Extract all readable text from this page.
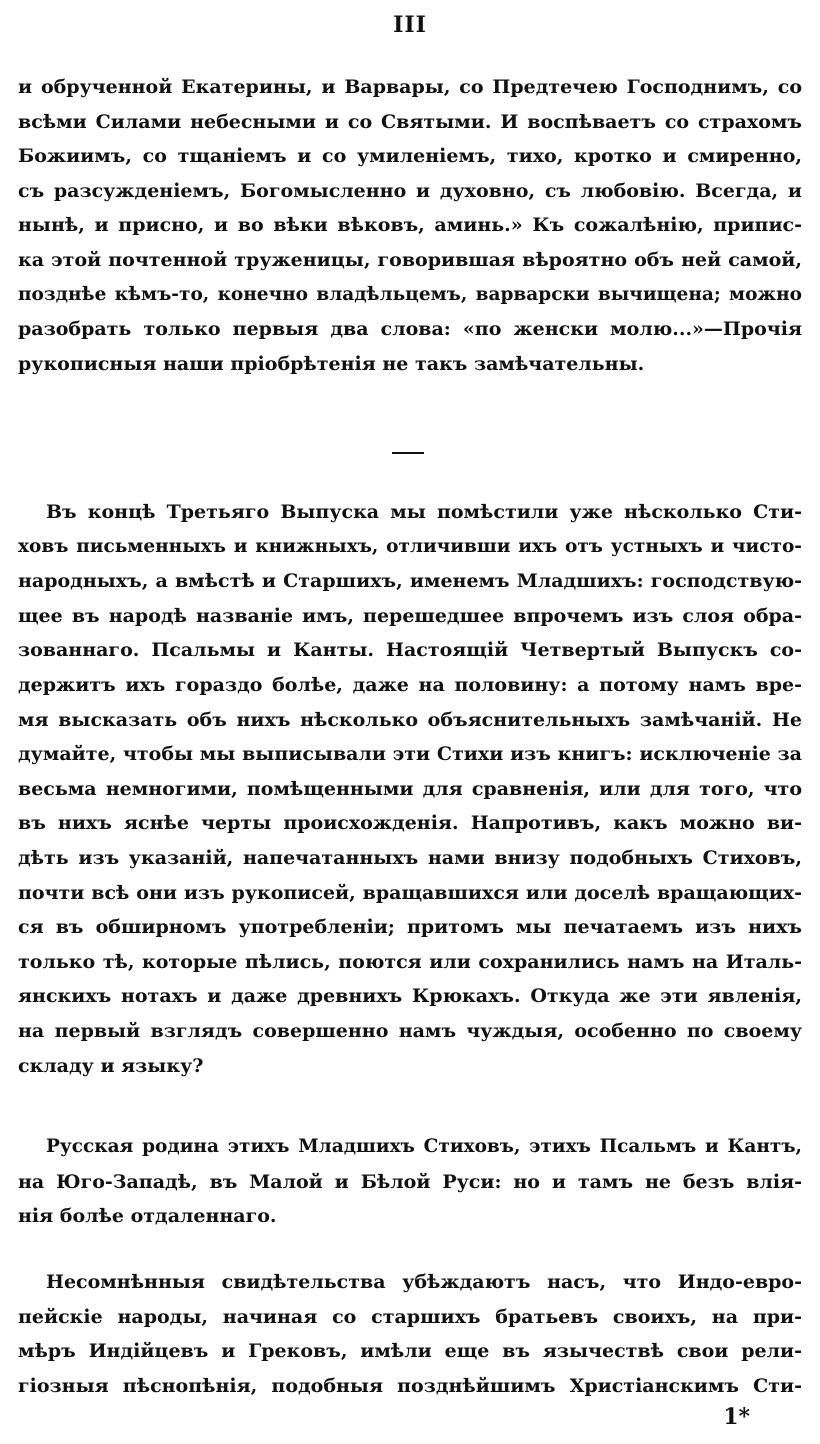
III
и обрученной Екатерины, и Варвары, со Предтечею Господнимъ, со
всѣми Силами небесными и со Святыми. И воспѣваетъ со страхомъ
Божиимъ, со тщаніемъ и со умиленіемъ, тихо, кротко и смиренно,
съ разсужденіемъ, Богомысленно и духовно, съ любовію. Всегда, и
нынѣ, и присно, и во вѣки вѣковъ, аминь.» Къ сожалѣнію, припис-
ка этой почтенной труженицы, говорившая вѣроятно объ ней самой,
позднѣе кѣмъ-то, конечно владѣльцемъ, варварски вычищена; можно
разобрать только первыя два слова: «по женски молю...»—Прочія
рукописныя наши пріобрѣтенія не такъ замѣчательны.
Въ концѣ Третьяго Выпуска мы помѣстили уже нѣсколько Сти-
ховъ письменныхъ и книжныхъ, отличивши ихъ отъ устныхъ и чисто-
народныхъ, а вмѣстѣ и Старшихъ, именемъ Младшихъ: господствую-
щее въ народѣ названіе имъ, перешедшее впрочемъ изъ слоя обра-
зованнаго. Псальмы и Канты. Настоящій Четвертый Выпускъ со-
держитъ ихъ гораздо болѣе, даже на половину: а потому намъ вре-
мя высказать объ нихъ нѣсколько объяснительныхъ замѣчаній. Не
думайте, чтобы мы выписывали эти Стихи изъ книгъ: исключеніе за
весьма немногими, помѣщенными для сравненія, или для того, что
въ нихъ яснѣе черты происхожденія. Напротивъ, какъ можно ви-
дѣть изъ указаній, напечатанныхъ нами внизу подобныхъ Стиховъ,
почти всѣ они изъ рукописей, вращавшихся или доселѣ вращающих-
ся въ обширномъ употребленіи; притомъ мы печатаемъ изъ нихъ
только тѣ, которые пѣлись, поются или сохранились намъ на Италь-
янскихъ нотахъ и даже древнихъ Крюкахъ. Откуда же эти явленія,
на первый взглядъ совершенно намъ чуждыя, особенно по своему
складу и языку?
Русская родина этихъ Младшихъ Стиховъ, этихъ Псальмъ и Кантъ,
на Юго-Западѣ, въ Малой и Бѣлой Руси: но и тамъ не безъ влія-
нія болѣе отдаленнаго.
Несомнѣнныя свидѣтельства убѣждаютъ насъ, что Индо-евро-
пейскіе народы, начиная со старшихъ братьевъ своихъ, на при-
мѣръ Индійцевъ и Грековъ, имѣли еще въ язычествѣ свои рели-
гіозныя пѣснопѣнія, подобныя позднѣйшимъ Христіанскимъ Сти-
1*
